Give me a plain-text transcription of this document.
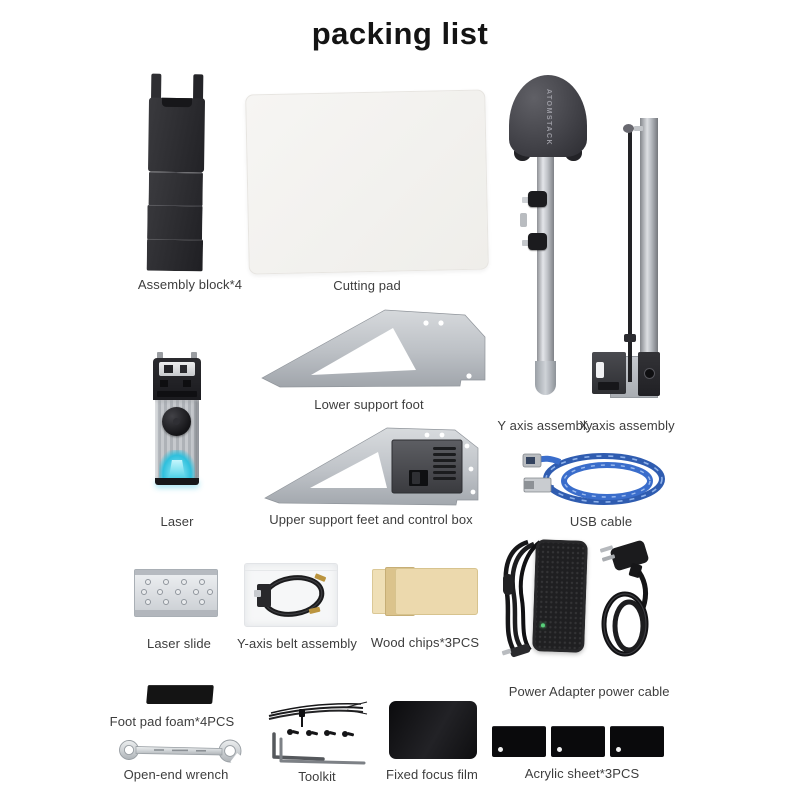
packing list
Assembly block*4	Cutting pad
ATOMSTACK
Y axis assembly
X axis assembly
Laser
Lower support foot
Upper support feet and control box	USB cable
Laser slide	Y-axis belt assembly	Wood chips*3PCS
Power Adapter power cable
Foot pad foam*4PCS
Open-end wrench	Toolkit	Fixed focus film	Acrylic sheet*3PCS
